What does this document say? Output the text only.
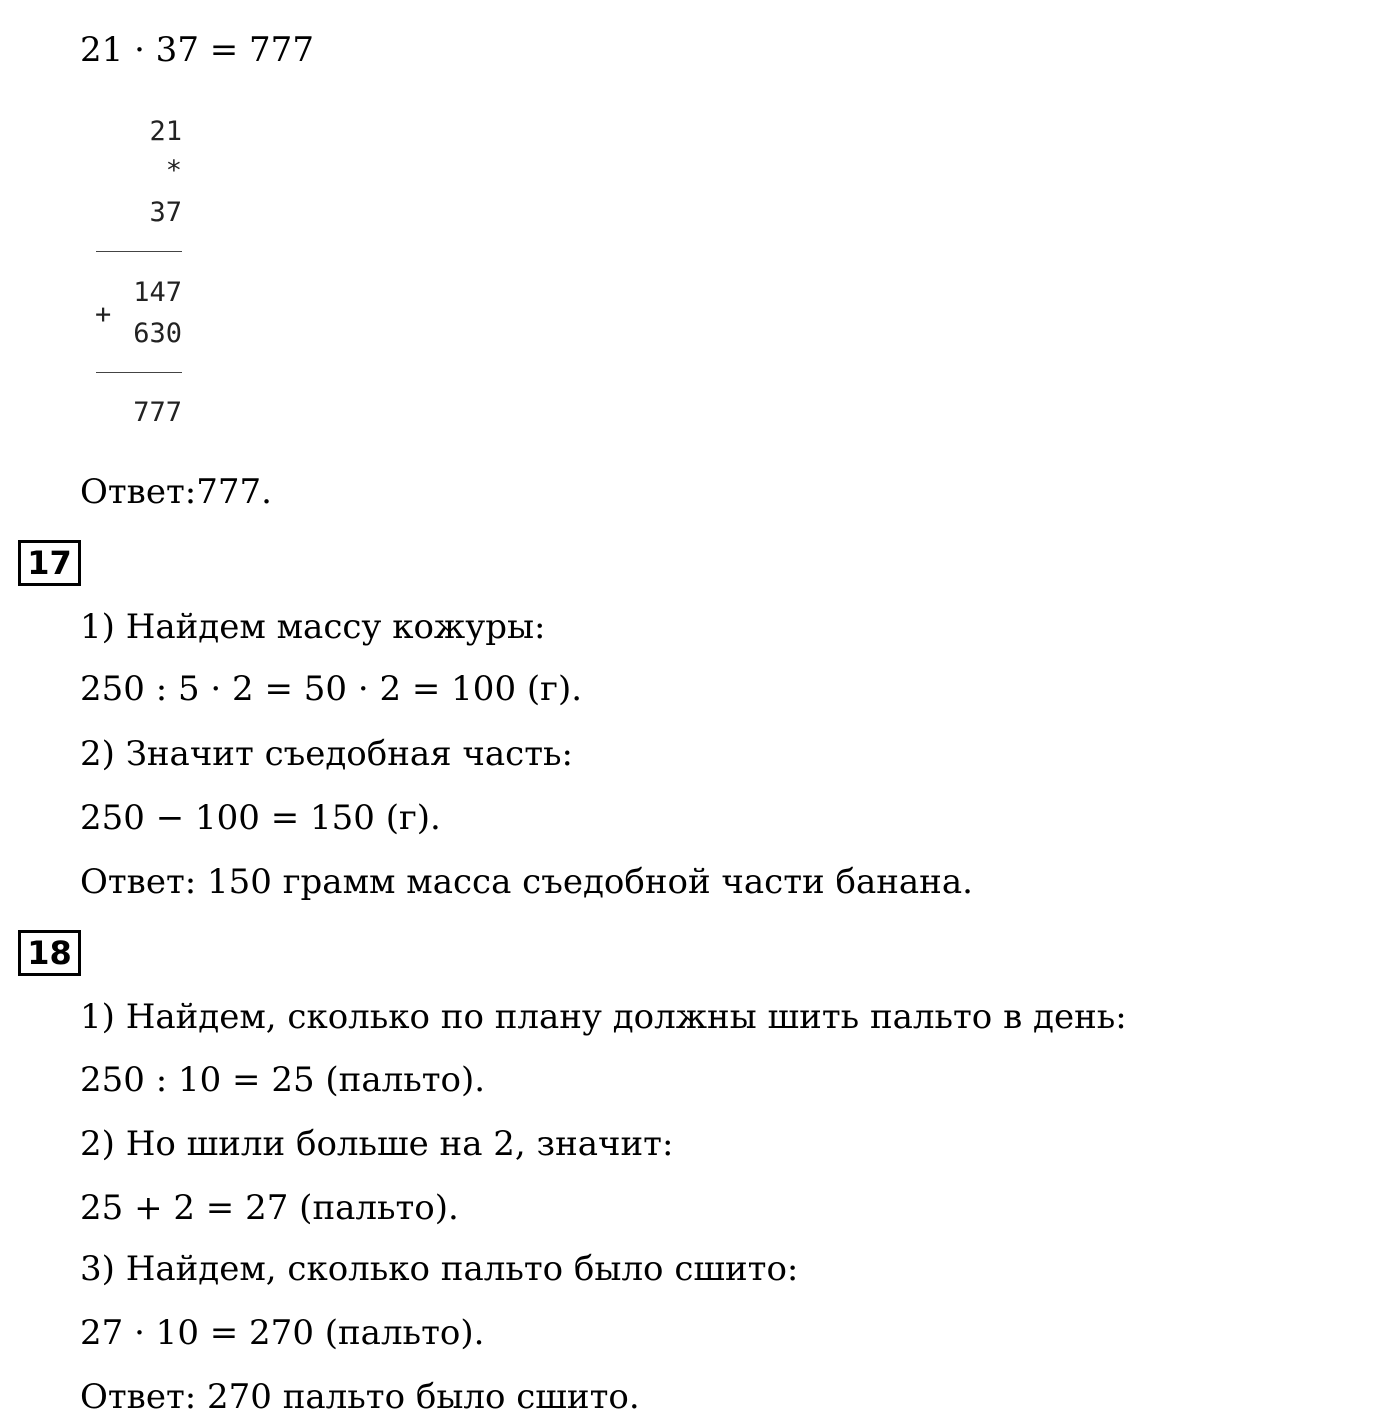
21 · 37 = 777
21
*
37
+
147
630
777
Ответ:777.
17
1) Найдем массу кожуры:
250 : 5 · 2 = 50 · 2 = 100 (г).
2) Значит съедобная часть:
250 − 100 = 150 (г).
Ответ: 150 грамм масса съедобной части банана.
18
1) Найдем, сколько по плану должны шить пальто в день:
250 : 10 = 25 (пальто).
2) Но шили больше на 2, значит:
25 + 2 = 27 (пальто).
3) Найдем, сколько пальто было сшито:
27 · 10 = 270 (пальто).
Ответ: 270 пальто было сшито.
